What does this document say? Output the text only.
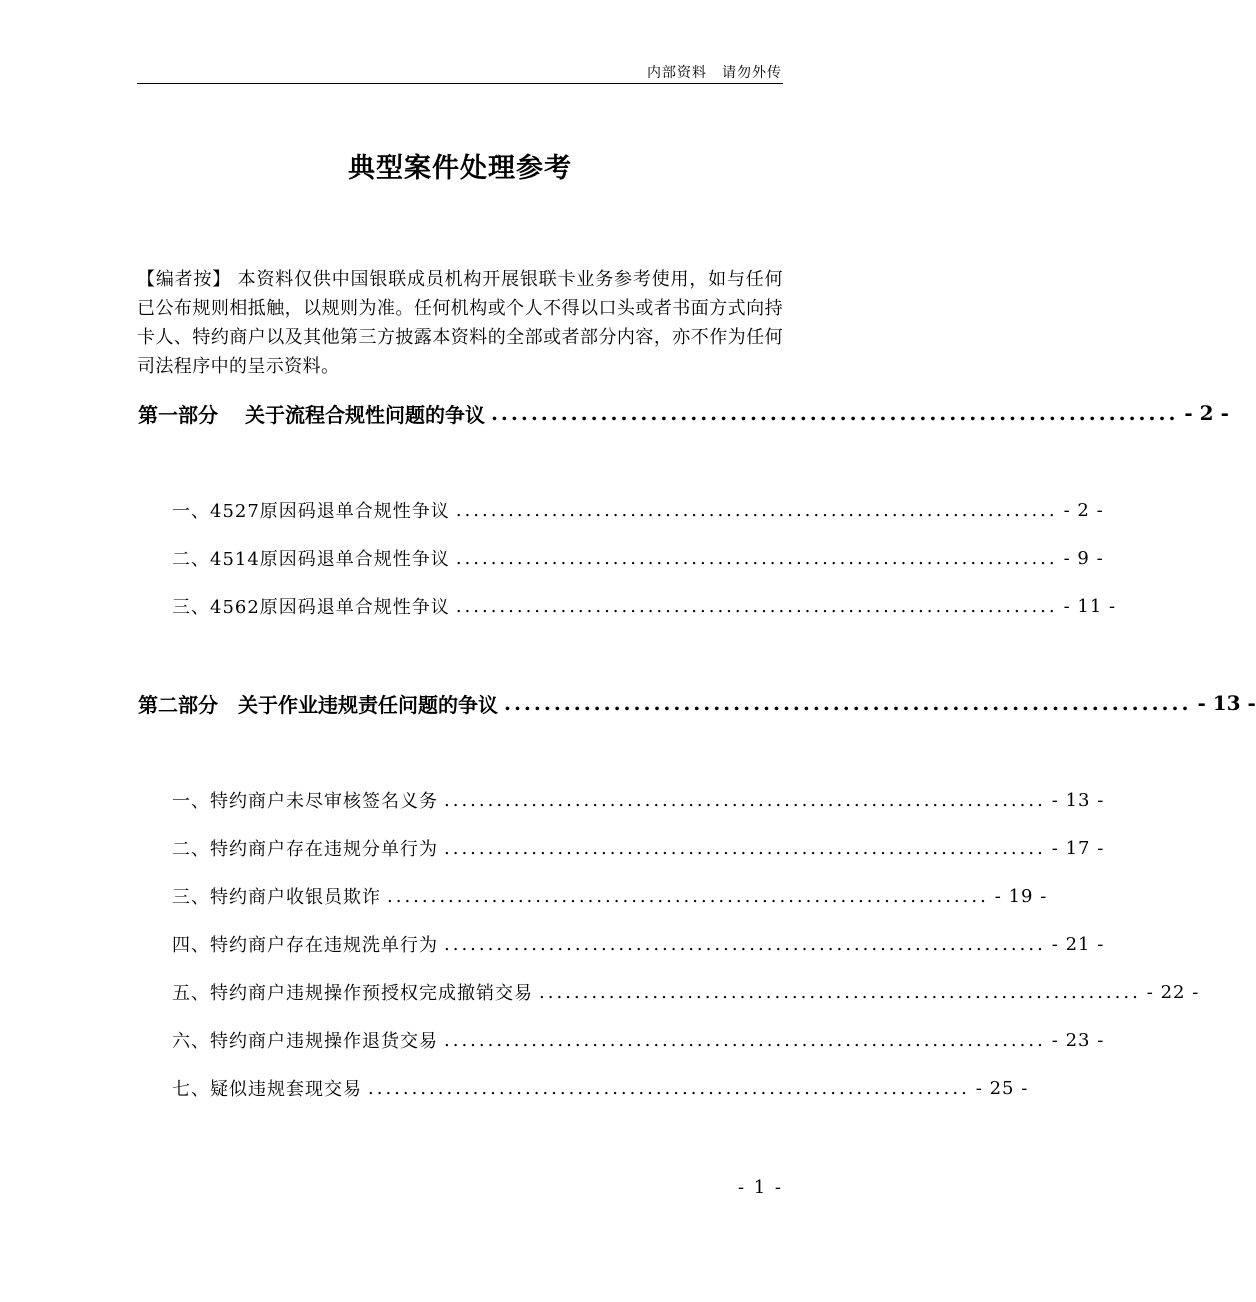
内部资料　请勿外传
典型案件处理参考

【编者按】 本资料仅供中国银联成员机构开展银联卡业务参考使用，如与任何已公布规则相抵触，以规则为准。任何机构或个人不得以口头或者书面方式向持卡人、特约商户以及其他第三方披露本资料的全部或者部分内容，亦不作为任何司法程序中的呈示资料。

第一部分　 关于流程合规性问题的争议 ..................................................................... - 2 -
一、4527原因码退单合规性争议 ..................................................................... - 2 -
二、4514原因码退单合规性争议 ..................................................................... - 9 -
三、4562原因码退单合规性争议 ..................................................................... - 11 -
第二部分　关于作业违规责任问题的争议 ..................................................................... - 13 -
一、特约商户未尽审核签名义务 ..................................................................... - 13 -
二、特约商户存在违规分单行为 ..................................................................... - 17 -
三、特约商户收银员欺诈 ..................................................................... - 19 -
四、特约商户存在违规洗单行为 ..................................................................... - 21 -
五、特约商户违规操作预授权完成撤销交易 ..................................................................... - 22 -
六、特约商户违规操作退货交易 ..................................................................... - 23 -
七、疑似违规套现交易 ..................................................................... - 25 -
- 1 -
